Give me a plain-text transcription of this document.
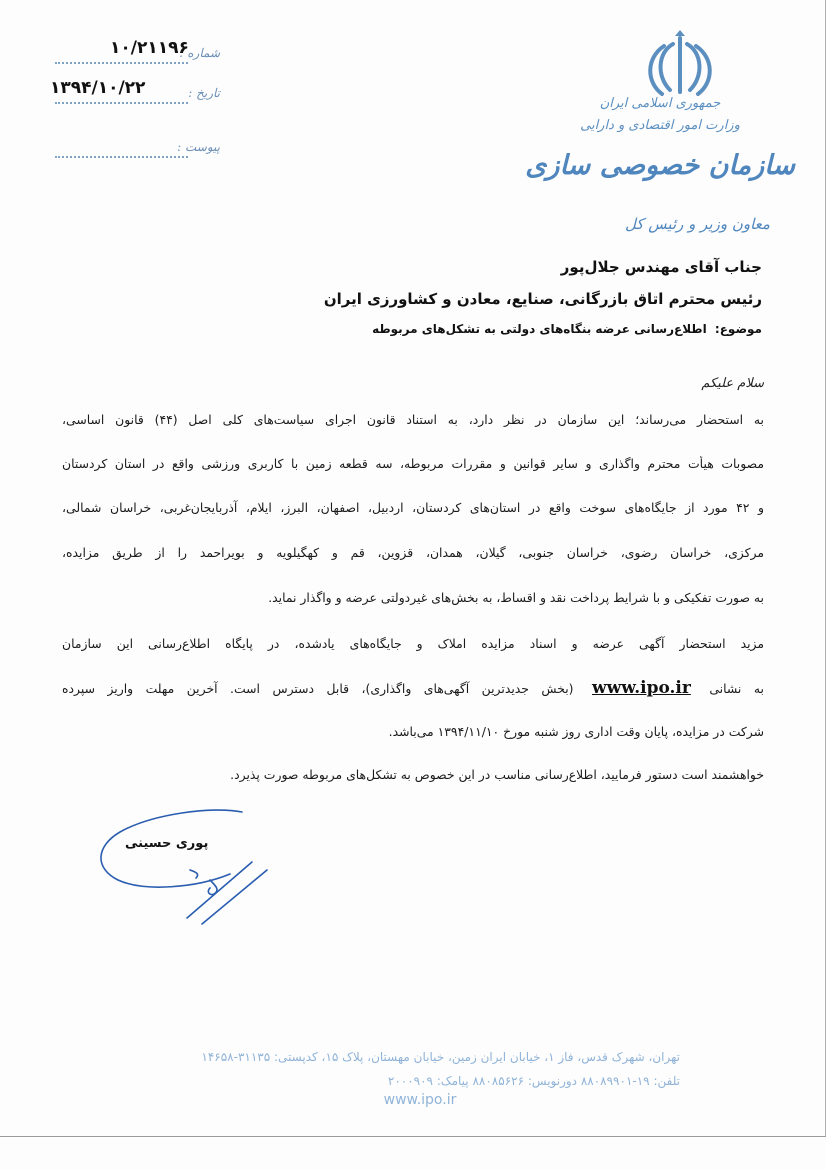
جمهوری اسلامی ایران
وزارت امور اقتصادی و دارایی
سازمان خصوصی سازی
معاون وزیر و رئیس کل
شماره :
۱۰/۲۱۱۹۶
تاریخ :
۱۳۹۴/۱۰/۲۲
پیوست :
جناب آقای مهندس جلال‌پور
رئیس محترم اتاق بازرگانی، صنایع، معادن و کشاورزی ایران
موضوع: اطلاع‌رسانی عرضه بنگاه‌های دولتی به تشکل‌های مربوطه
سلام علیکم
به استحضار می‌رساند؛ این سازمان در نظر دارد، به استناد قانون اجرای سیاست‌های کلی اصل (۴۴) قانون اساسی،
مصوبات هیأت محترم واگذاری و سایر قوانین و مقررات مربوطه، سه قطعه زمین با کاربری ورزشی واقع در استان کردستان
و ۴۲ مورد از جایگاه‌های سوخت واقع در استان‌های کردستان، اردبیل، اصفهان، البرز، ایلام، آذربایجان‌غربی، خراسان شمالی،
مرکزی، خراسان رضوی، خراسان جنوبی، گیلان، همدان، قزوین، قم و کهگیلویه و بویراحمد را از طریق مزایده،
به صورت تفکیکی و با شرایط پرداخت نقد و اقساط، به بخش‌های غیردولتی عرضه و واگذار نماید.
مزید استحضار آگهی عرضه و اسناد مزایده املاک و جایگاه‌های یادشده، در پایگاه اطلاع‌رسانی این سازمان
به نشانی www.ipo.ir (بخش جدیدترین آگهی‌های واگذاری)، قابل دسترس است. آخرین مهلت واریز سپرده
شرکت در مزایده، پایان وقت اداری روز شنبه مورخ ۱۳۹۴/۱۱/۱۰ می‌باشد.
خواهشمند است دستور فرمایید، اطلاع‌رسانی مناسب در این خصوص به تشکل‌های مربوطه صورت پذیرد.
پوری حسینی
تهران، شهرک قدس، فاز ۱، خیابان ایران زمین، خیابان مهستان، پلاک ۱۵، کدپستی: ۳۱۱۳۵-۱۴۶۵۸
تلفن: ۱۹-۸۸۰۸۹۹۰۱ دورنویس: ۸۸۰۸۵۶۲۶ پیامک: ۲۰۰۰۹۰۹
www.ipo.ir
